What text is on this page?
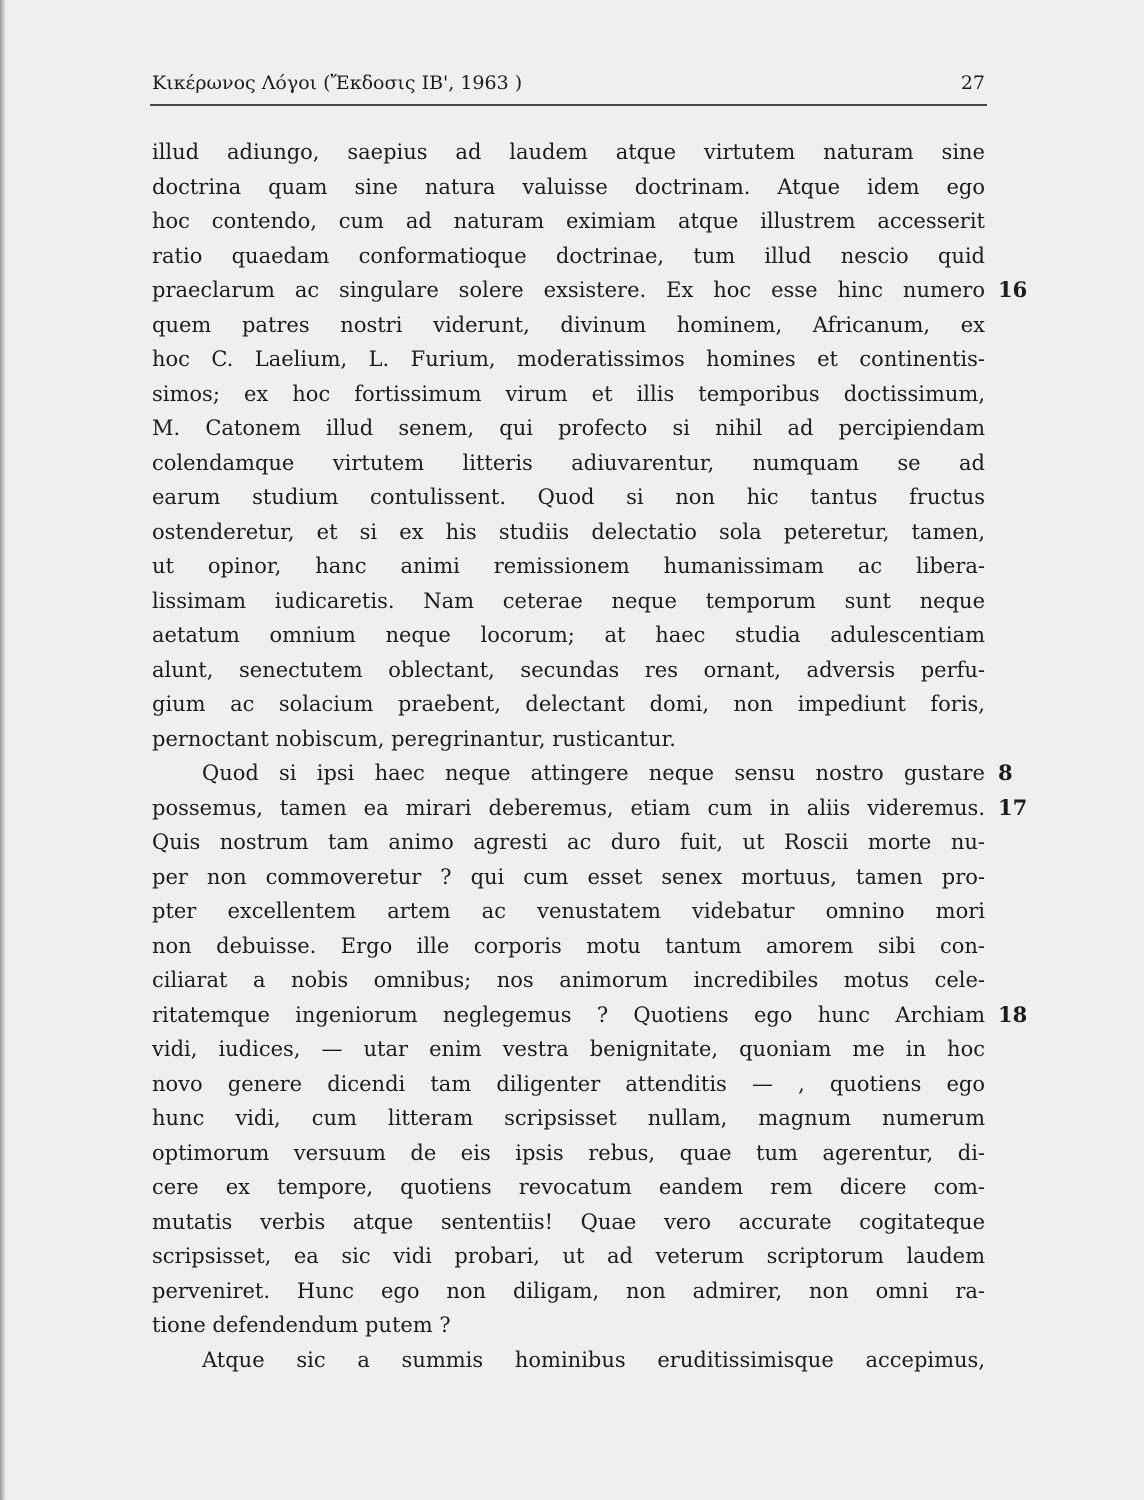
Κικέρωνος Λόγοι (Ἔκδοσις ΙΒ', 1963 )	27
illud adiungo, saepius ad laudem atque virtutem naturam sine
doctrina quam sine natura valuisse doctrinam. Atque idem ego
hoc contendo, cum ad naturam eximiam atque illustrem accesserit
ratio quaedam conformatioque doctrinae, tum illud nescio quid
praeclarum ac singulare solere exsistere. Ex hoc esse hinc numero 16
quem patres nostri viderunt, divinum hominem, Africanum, ex
hoc C. Laelium, L. Furium, moderatissimos homines et continentis-
simos; ex hoc fortissimum virum et illis temporibus doctissimum,
M. Catonem illud senem, qui profecto si nihil ad percipiendam
colendamque virtutem litteris adiuvarentur, numquam se ad
earum studium contulissent. Quod si non hic tantus fructus
ostenderetur, et si ex his studiis delectatio sola peteretur, tamen,
ut opinor, hanc animi remissionem humanissimam ac libera-
lissimam iudicaretis. Nam ceterae neque temporum sunt neque
aetatum omnium neque locorum; at haec studia adulescentiam
alunt, senectutem oblectant, secundas res ornant, adversis perfu-
gium ac solacium praebent, delectant domi, non impediunt foris,
pernoctant nobiscum, peregrinantur, rusticantur.
Quod si ipsi haec neque attingere neque sensu nostro gustare 8
possemus, tamen ea mirari deberemus, etiam cum in aliis videremus. 17
Quis nostrum tam animo agresti ac duro fuit, ut Roscii morte nu-
per non commoveretur ? qui cum esset senex mortuus, tamen pro-
pter excellentem artem ac venustatem videbatur omnino mori
non debuisse. Ergo ille corporis motu tantum amorem sibi con-
ciliarat a nobis omnibus; nos animorum incredibiles motus cele-
ritatemque ingeniorum neglegemus ? Quotiens ego hunc Archiam 18
vidi, iudices, — utar enim vestra benignitate, quoniam me in hoc
novo genere dicendi tam diligenter attenditis — , quotiens ego
hunc vidi, cum litteram scripsisset nullam, magnum numerum
optimorum versuum de eis ipsis rebus, quae tum agerentur, di-
cere ex tempore, quotiens revocatum eandem rem dicere com-
mutatis verbis atque sententiis! Quae vero accurate cogitateque
scripsisset, ea sic vidi probari, ut ad veterum scriptorum laudem
perveniret. Hunc ego non diligam, non admirer, non omni ra-
tione defendendum putem ?
Atque sic a summis hominibus eruditissimisque accepimus,
